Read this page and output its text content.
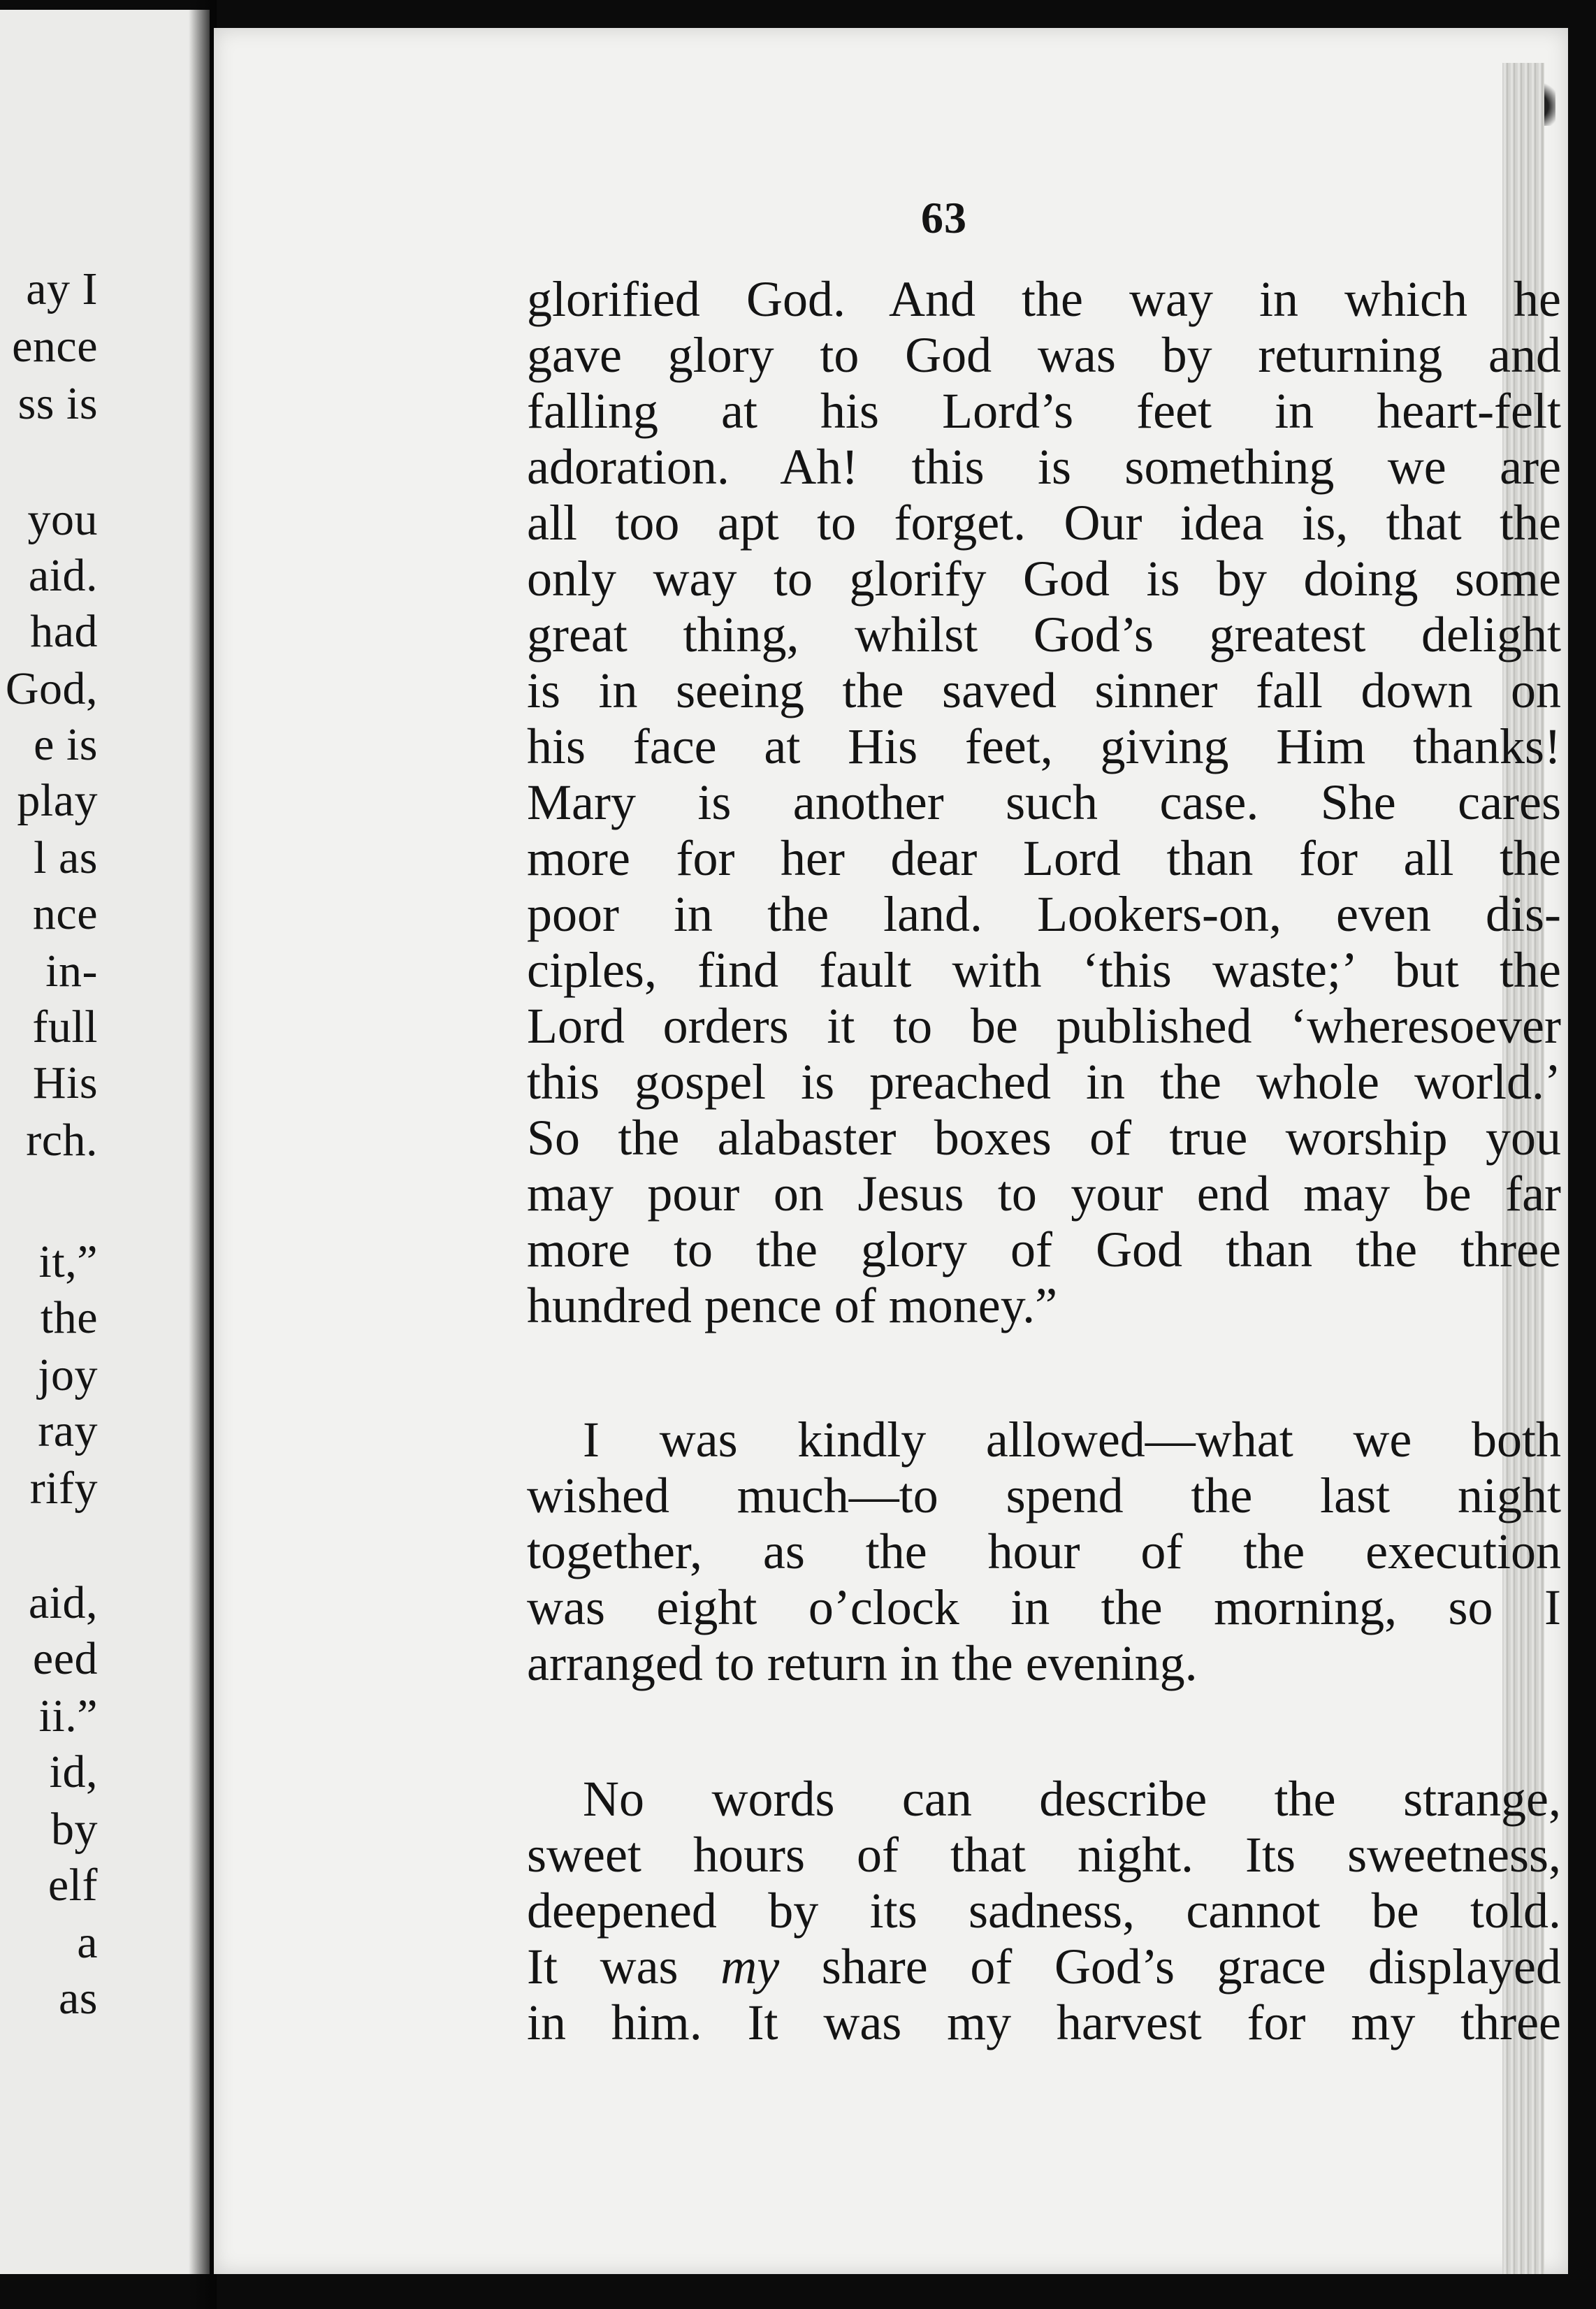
ay I
ence
ss is
you
aid.
had
God,
e is
play
l as
nce
in-
full
His
rch.
it,”
the
joy
ray
rify
aid,
eed
ii.”
id,
by
elf
a
as
63
glorified God. And the way in which he
gave glory to God was by returning and
falling at his Lord’s feet in heart-felt
adoration. Ah! this is something we are
all too apt to forget. Our idea is, that the
only way to glorify God is by doing some
great thing, whilst God’s greatest delight
is in seeing the saved sinner fall down on
his face at His feet, giving Him thanks!
Mary is another such case. She cares
more for her dear Lord than for all the
poor in the land. Lookers-on, even dis-
ciples, find fault with ‘this waste;’ but the
Lord orders it to be published ‘wheresoever
this gospel is preached in the whole world.’
So the alabaster boxes of true worship you
may pour on Jesus to your end may be far
more to the glory of God than the three
hundred pence of money.”
I was kindly allowed—what we both
wished much—to spend the last night
together, as the hour of the execution
was eight o’clock in the morning, so I
arranged to return in the evening.
No words can describe the strange,
sweet hours of that night. Its sweetness,
deepened by its sadness, cannot be told.
It was my share of God’s grace displayed
in him. It was my harvest for my three
